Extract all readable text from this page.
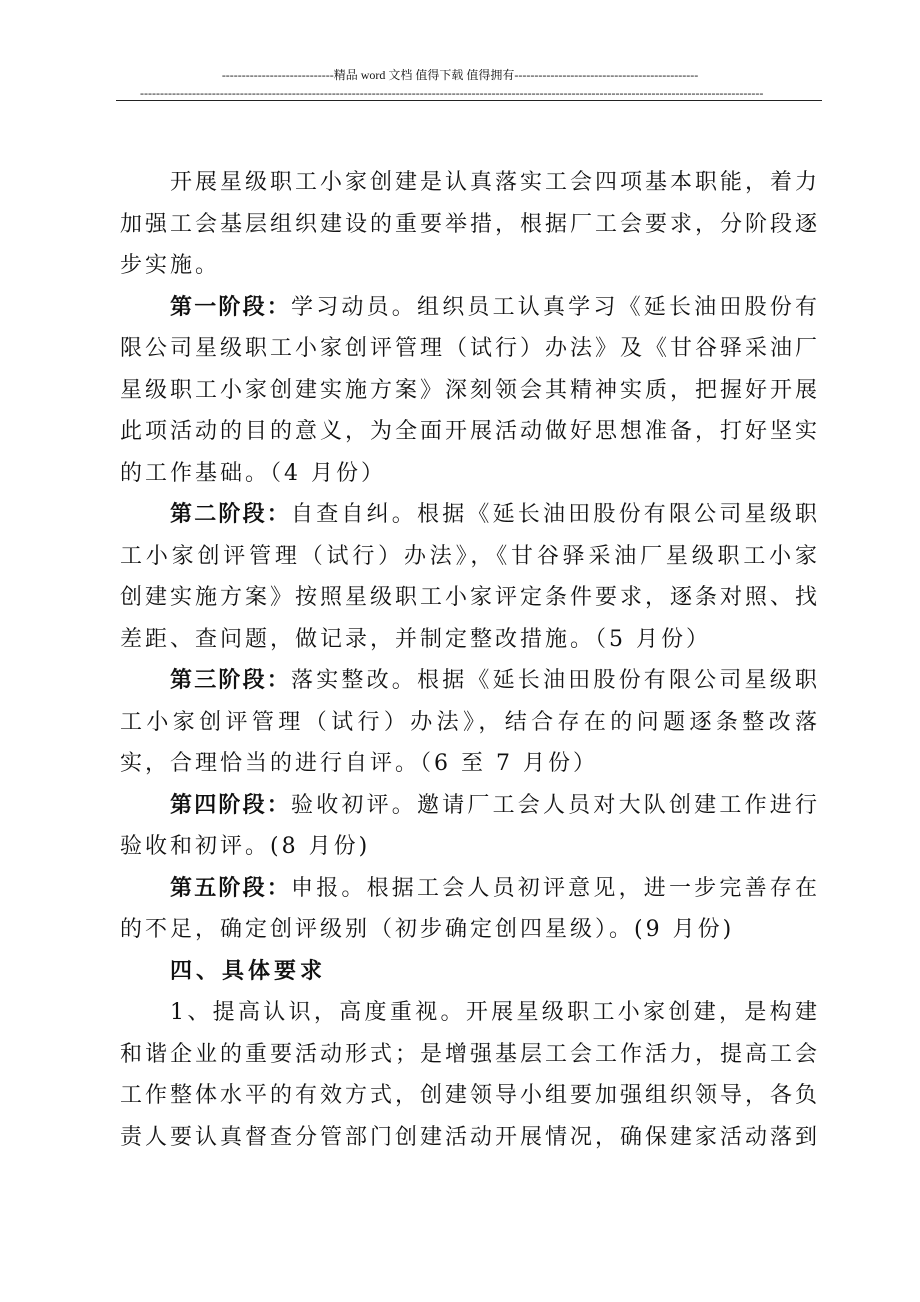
----------------------------精品 word 文档 值得下载 值得拥有----------------------------------------------
------------------------------------------------------------------------------------------------------------------------------------------------------------

开展星级职工小家创建是认真落实工会四项基本职能，着力加强工会基层组织建设的重要举措，根据厂工会要求，分阶段逐步实施。

第一阶段：学习动员。组织员工认真学习《延长油田股份有限公司星级职工小家创评管理（试行）办法》及《甘谷驿采油厂星级职工小家创建实施方案》深刻领会其精神实质，把握好开展此项活动的目的意义，为全面开展活动做好思想准备，打好坚实的工作基础。（4 月份）

第二阶段：自查自纠。根据《延长油田股份有限公司星级职工小家创评管理（试行）办法》，《甘谷驿采油厂星级职工小家创建实施方案》按照星级职工小家评定条件要求，逐条对照、找差距、查问题，做记录，并制定整改措施。（5 月份）

第三阶段：落实整改。根据《延长油田股份有限公司星级职工小家创评管理（试行）办法》，结合存在的问题逐条整改落实，合理恰当的进行自评。（6 至 7 月份）

第四阶段：验收初评。邀请厂工会人员对大队创建工作进行验收和初评。(8 月份)

第五阶段：申报。根据工会人员初评意见，进一步完善存在的不足，确定创评级别（初步确定创四星级）。(9 月份)

四、具体要求

1、提高认识，高度重视。开展星级职工小家创建，是构建和谐企业的重要活动形式；是增强基层工会工作活力，提高工会工作整体水平的有效方式，创建领导小组要加强组织领导，各负责人要认真督查分管部门创建活动开展情况，确保建家活动落到
